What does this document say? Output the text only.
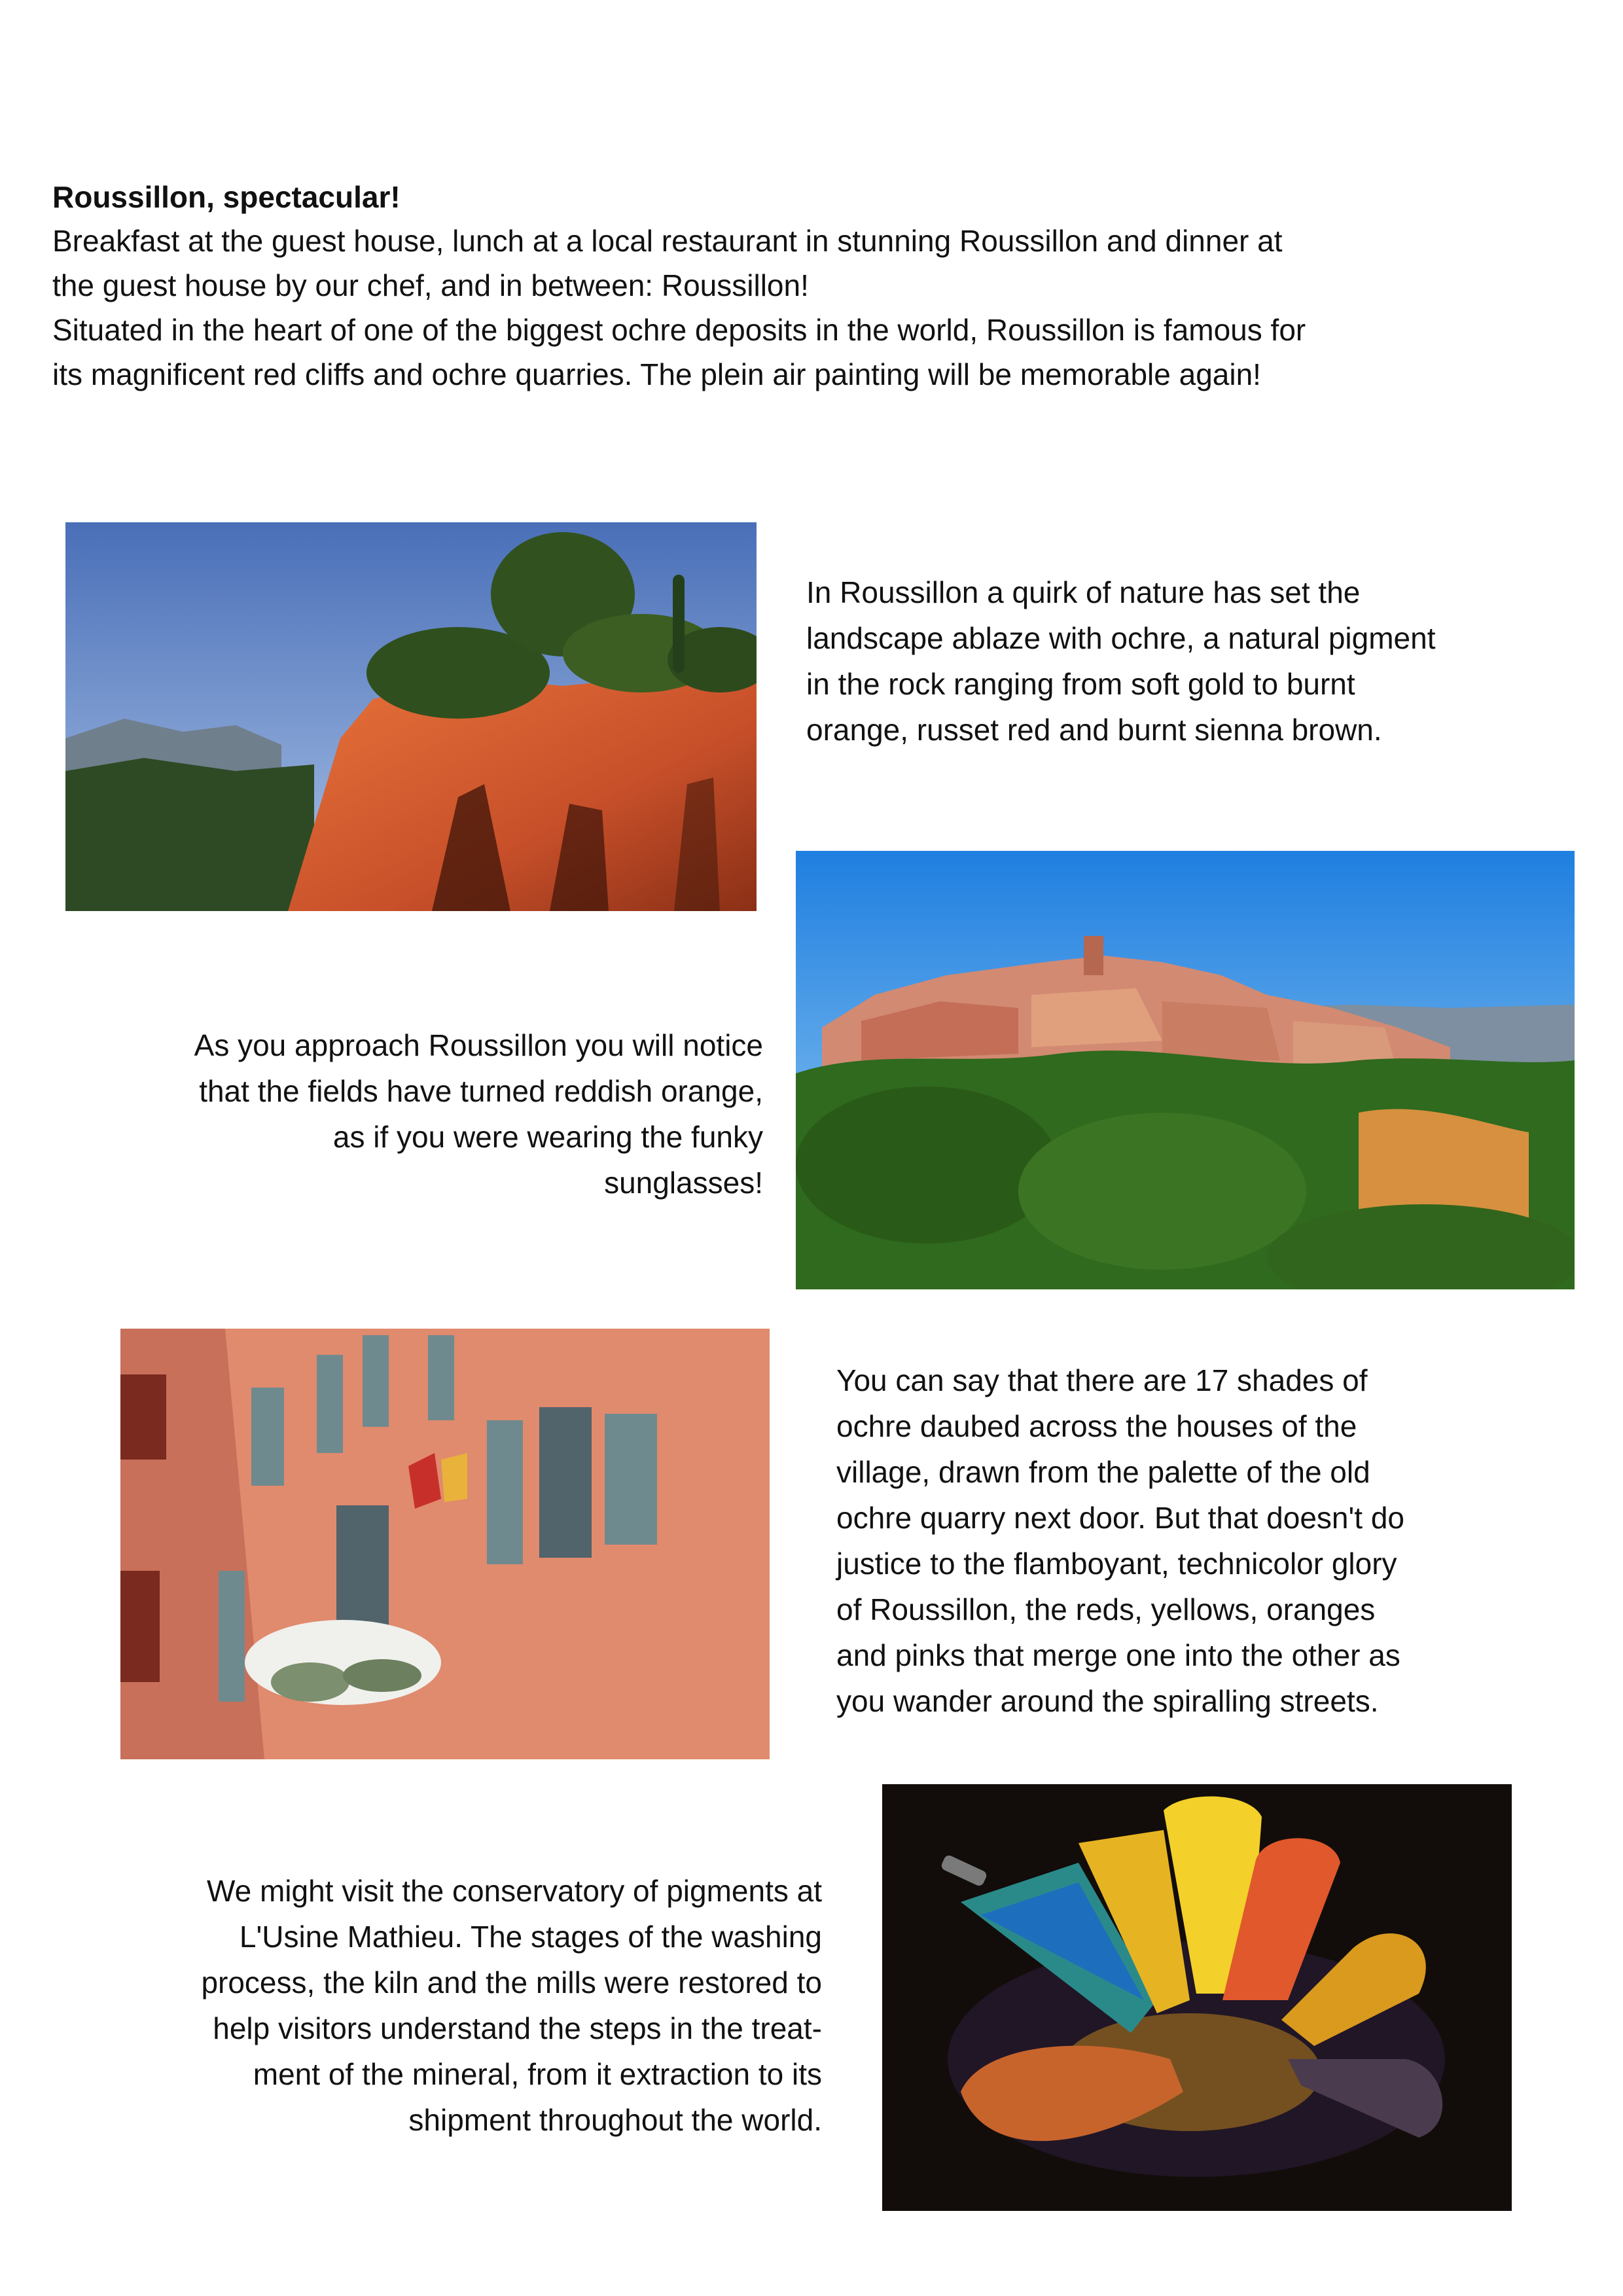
Roussillon, spectacular!

Breakfast at the guest house, lunch at a local restaurant in stunning Roussillon and dinner at

the guest house by our chef, and in between: Roussillon!

Situated in the heart of one of the biggest ochre deposits in the world, Roussillon is famous for

its magnificent red cliffs and ochre quarries. The plein air painting will be memorable again!

In Roussillon a quirk of nature has set the
landscape ablaze with ochre, a natural pigment
in the rock ranging from soft gold to burnt
orange, russet red and burnt sienna brown.
As you approach Roussillon you will notice
that the fields have turned reddish orange,
as if you were wearing the funky
sunglasses!
You can say that there are 17 shades of
ochre daubed across the houses of the
village, drawn from the palette of the old
ochre quarry next door. But that doesn't do
justice to the flamboyant, technicolor glory
of Roussillon, the reds, yellows, oranges
and pinks that merge one into the other as
you wander around the spiralling streets.
We might visit the conservatory of pigments at
L'Usine Mathieu. The stages of the washing
process, the kiln and the mills were restored to
help visitors understand the steps in the treat-
ment of the mineral, from it extraction to its
shipment throughout the world.
